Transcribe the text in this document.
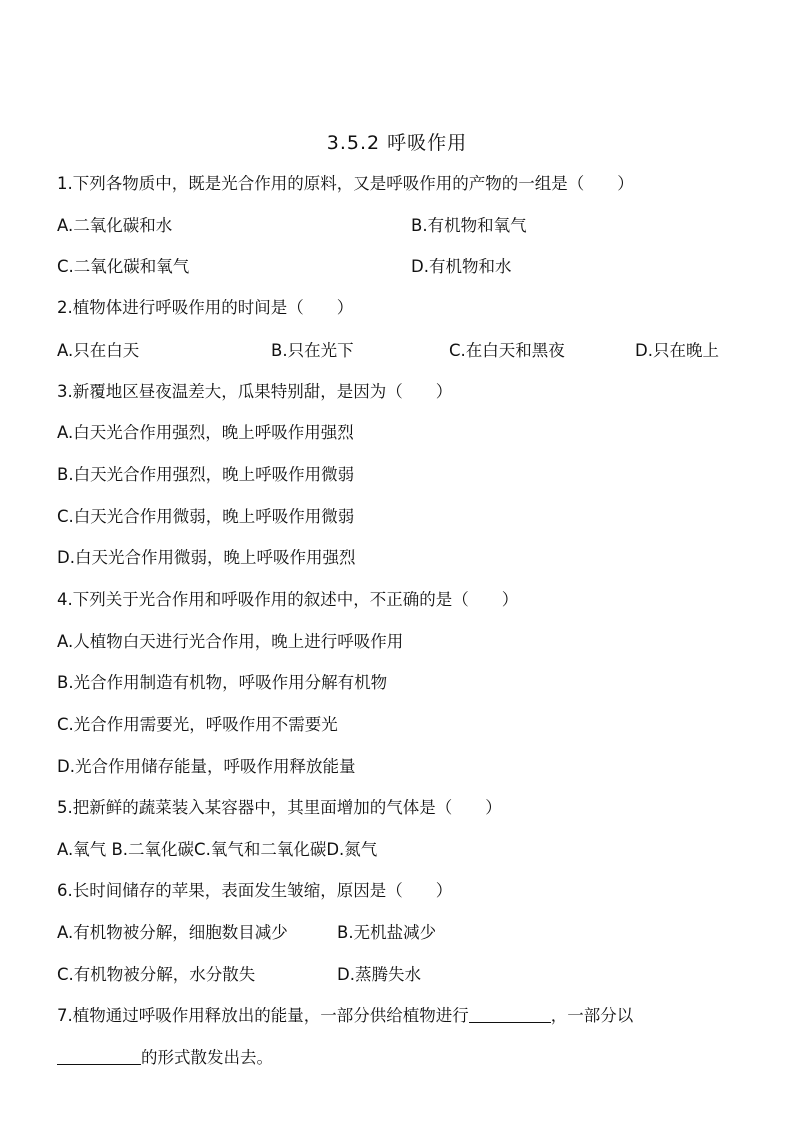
3.5.2 呼吸作用
1.下列各物质中，既是光合作用的原料，又是呼吸作用的产物的一组是（　　）
A.二氧化碳和水	B.有机物和氧气
C.二氧化碳和氧气	D.有机物和水
2.植物体进行呼吸作用的时间是（　　）
A.只在白天	B.只在光下	C.在白天和黑夜	D.只在晚上
3.新覆地区昼夜温差大，瓜果特别甜，是因为（　　）
A.白天光合作用强烈，晚上呼吸作用强烈
B.白天光合作用强烈，晚上呼吸作用微弱
C.白天光合作用微弱，晚上呼吸作用微弱
D.白天光合作用微弱，晚上呼吸作用强烈
4.下列关于光合作用和呼吸作用的叙述中，不正确的是（　　）
A.人植物白天进行光合作用，晚上进行呼吸作用
B.光合作用制造有机物，呼吸作用分解有机物
C.光合作用需要光，呼吸作用不需要光
D.光合作用储存能量，呼吸作用释放能量
5.把新鲜的蔬菜装入某容器中，其里面增加的气体是（　　）
A.氧气 B.二氧化碳C.氧气和二氧化碳D.氮气
6.长时间储存的苹果，表面发生皱缩，原因是（　　）
A.有机物被分解，细胞数目减少	B.无机盐减少
C.有机物被分解，水分散失	D.蒸腾失水
7.植物通过呼吸作用释放出的能量，一部分供给植物进行	，一部分以
的形式散发出去。
